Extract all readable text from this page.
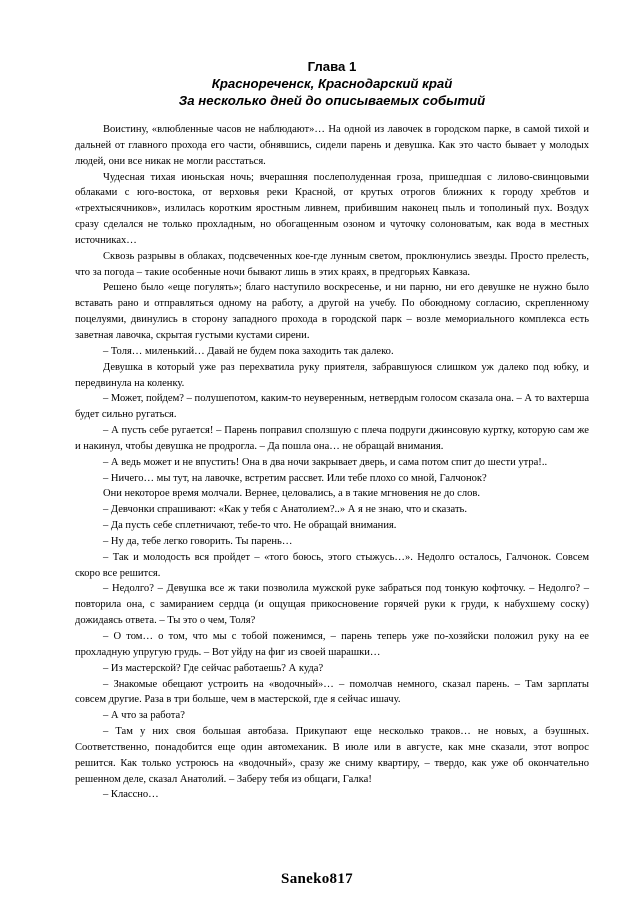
Глава 1
Краснореченск, Краснодарский край
За несколько дней до описываемых событий

Воистину, «влюбленные часов не наблюдают»… На одной из лавочек в городском парке, в самой тихой и дальней от главного прохода его части, обнявшись, сидели парень и девушка. Как это часто бывает у молодых людей, они все никак не могли расстаться.

Чудесная тихая июньская ночь; вчерашняя послеполуденная гроза, пришедшая с лилово-свинцовыми облаками с юго-востока, от верховья реки Красной, от крутых отрогов ближних к городу хребтов и «трехтысячников», излилась коротким яростным ливнем, прибившим наконец пыль и тополиный пух. Воздух сразу сделался не только прохладным, но обогащенным озоном и чуточку солоноватым, как вода в местных источниках…

Сквозь разрывы в облаках, подсвеченных кое-где лунным светом, проклюнулись звезды. Просто прелесть, что за погода – такие особенные ночи бывают лишь в этих краях, в предгорьях Кавказа.

Решено было «еще погулять»; благо наступило воскресенье, и ни парню, ни его девушке не нужно было вставать рано и отправляться одному на работу, а другой на учебу. По обоюдному согласию, скрепленному поцелуями, двинулись в сторону западного прохода в городской парк – возле мемориального комплекса есть заветная лавочка, скрытая густыми кустами сирени.

– Толя… миленький… Давай не будем пока заходить так далеко.

Девушка в который уже раз перехватила руку приятеля, забравшуюся слишком уж далеко под юбку, и передвинула на коленку.

– Может, пойдем? – полушепотом, каким-то неуверенным, нетвердым голосом сказала она. – А то вахтерша будет сильно ругаться.

– А пусть себе ругается! – Парень поправил сползшую с плеча подруги джинсовую куртку, которую сам же и накинул, чтобы девушка не продрогла. – Да пошла она… не обращай внимания.

– А ведь может и не впустить! Она в два ночи закрывает дверь, и сама потом спит до шести утра!..

– Ничего… мы тут, на лавочке, встретим рассвет. Или тебе плохо со мной, Галчонок?

Они некоторое время молчали. Вернее, целовались, а в такие мгновения не до слов.

– Девчонки спрашивают: «Как у тебя с Анатолием?..» А я не знаю, что и сказать.

– Да пусть себе сплетничают, тебе-то что. Не обращай внимания.

– Ну да, тебе легко говорить. Ты парень…

– Так и молодость вся пройдет – «того боюсь, этого стыжусь…». Недолго осталось, Галчонок. Совсем скоро все решится.

– Недолго? – Девушка все ж таки позволила мужской руке забраться под тонкую кофточку. – Недолго? – повторила она, с замиранием сердца (и ощущая прикосновение горячей руки к груди, к набухшему соску) дожидаясь ответа. – Ты это о чем, Толя?

– О том… о том, что мы с тобой поженимся, – парень теперь уже по-хозяйски положил руку на ее прохладную упругую грудь. – Вот уйду на фиг из своей шарашки…

– Из мастерской? Где сейчас работаешь? А куда?

– Знакомые обещают устроить на «водочный»… – помолчав немного, сказал парень. – Там зарплаты совсем другие. Раза в три больше, чем в мастерской, где я сейчас ишачу.

– А что за работа?

– Там у них своя большая автобаза. Прикупают еще несколько траков… не новых, а бэушных. Соответственно, понадобится еще один автомеханик. В июле или в августе, как мне сказали, этот вопрос решится. Как только устроюсь на «водочный», сразу же сниму квартиру, – твердо, как уже об окончательно решенном деле, сказал Анатолий. – Заберу тебя из общаги, Галка!

– Классно…

Saneko817
